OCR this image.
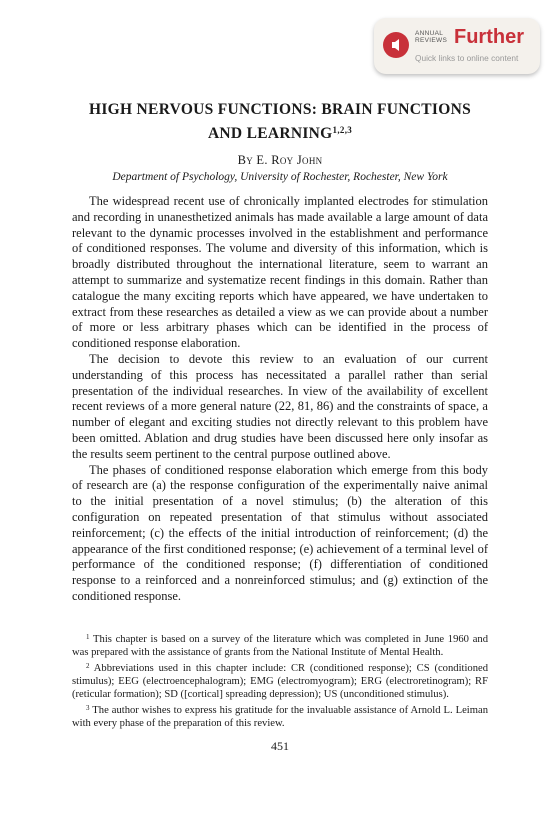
ANNUAL
REVIEWS Further
Quick links to online content
HIGH NERVOUS FUNCTIONS: BRAIN FUNCTIONS
AND LEARNING$^{1,2,3}$
By E. Roy John
Department of Psychology, University of Rochester, Rochester, New York

The widespread recent use of chronically implanted electrodes for stimulation and recording in unanesthetized animals has made available a large amount of data relevant to the dynamic processes involved in the establishment and performance of conditioned responses. The volume and diversity of this information, which is broadly distributed throughout the international literature, seem to warrant an attempt to summarize and systematize recent findings in this domain. Rather than catalogue the many exciting reports which have appeared, we have undertaken to extract from these researches as detailed a view as we can provide about a number of more or less arbitrary phases which can be identified in the process of conditioned response elaboration.

The decision to devote this review to an evaluation of our current understanding of this process has necessitated a parallel rather than serial presentation of the individual researches. In view of the availability of excellent recent reviews of a more general nature (22, 81, 86) and the constraints of space, a number of elegant and exciting studies not directly relevant to this problem have been omitted. Ablation and drug studies have been discussed here only insofar as the results seem pertinent to the central purpose outlined above.

The phases of conditioned response elaboration which emerge from this body of research are (a) the response configuration of the experimentally naive animal to the initial presentation of a novel stimulus; (b) the alteration of this configuration on repeated presentation of that stimulus without associated reinforcement; (c) the effects of the initial introduction of reinforcement; (d) the appearance of the first conditioned response; (e) achievement of a terminal level of performance of the conditioned response; (f) differentiation of conditioned response to a reinforced and a nonreinforced stimulus; and (g) extinction of the conditioned response.

$^1$ This chapter is based on a survey of the literature which was completed in June 1960 and was prepared with the assistance of grants from the National Institute of Mental Health.

$^2$ Abbreviations used in this chapter include: CR (conditioned response); CS (conditioned stimulus); EEG (electroencephalogram); EMG (electromyogram); ERG (electroretinogram); RF (reticular formation); SD ([cortical] spreading depression); US (unconditioned stimulus).

$^3$ The author wishes to express his gratitude for the invaluable assistance of Arnold L. Leiman with every phase of the preparation of this review.

451
